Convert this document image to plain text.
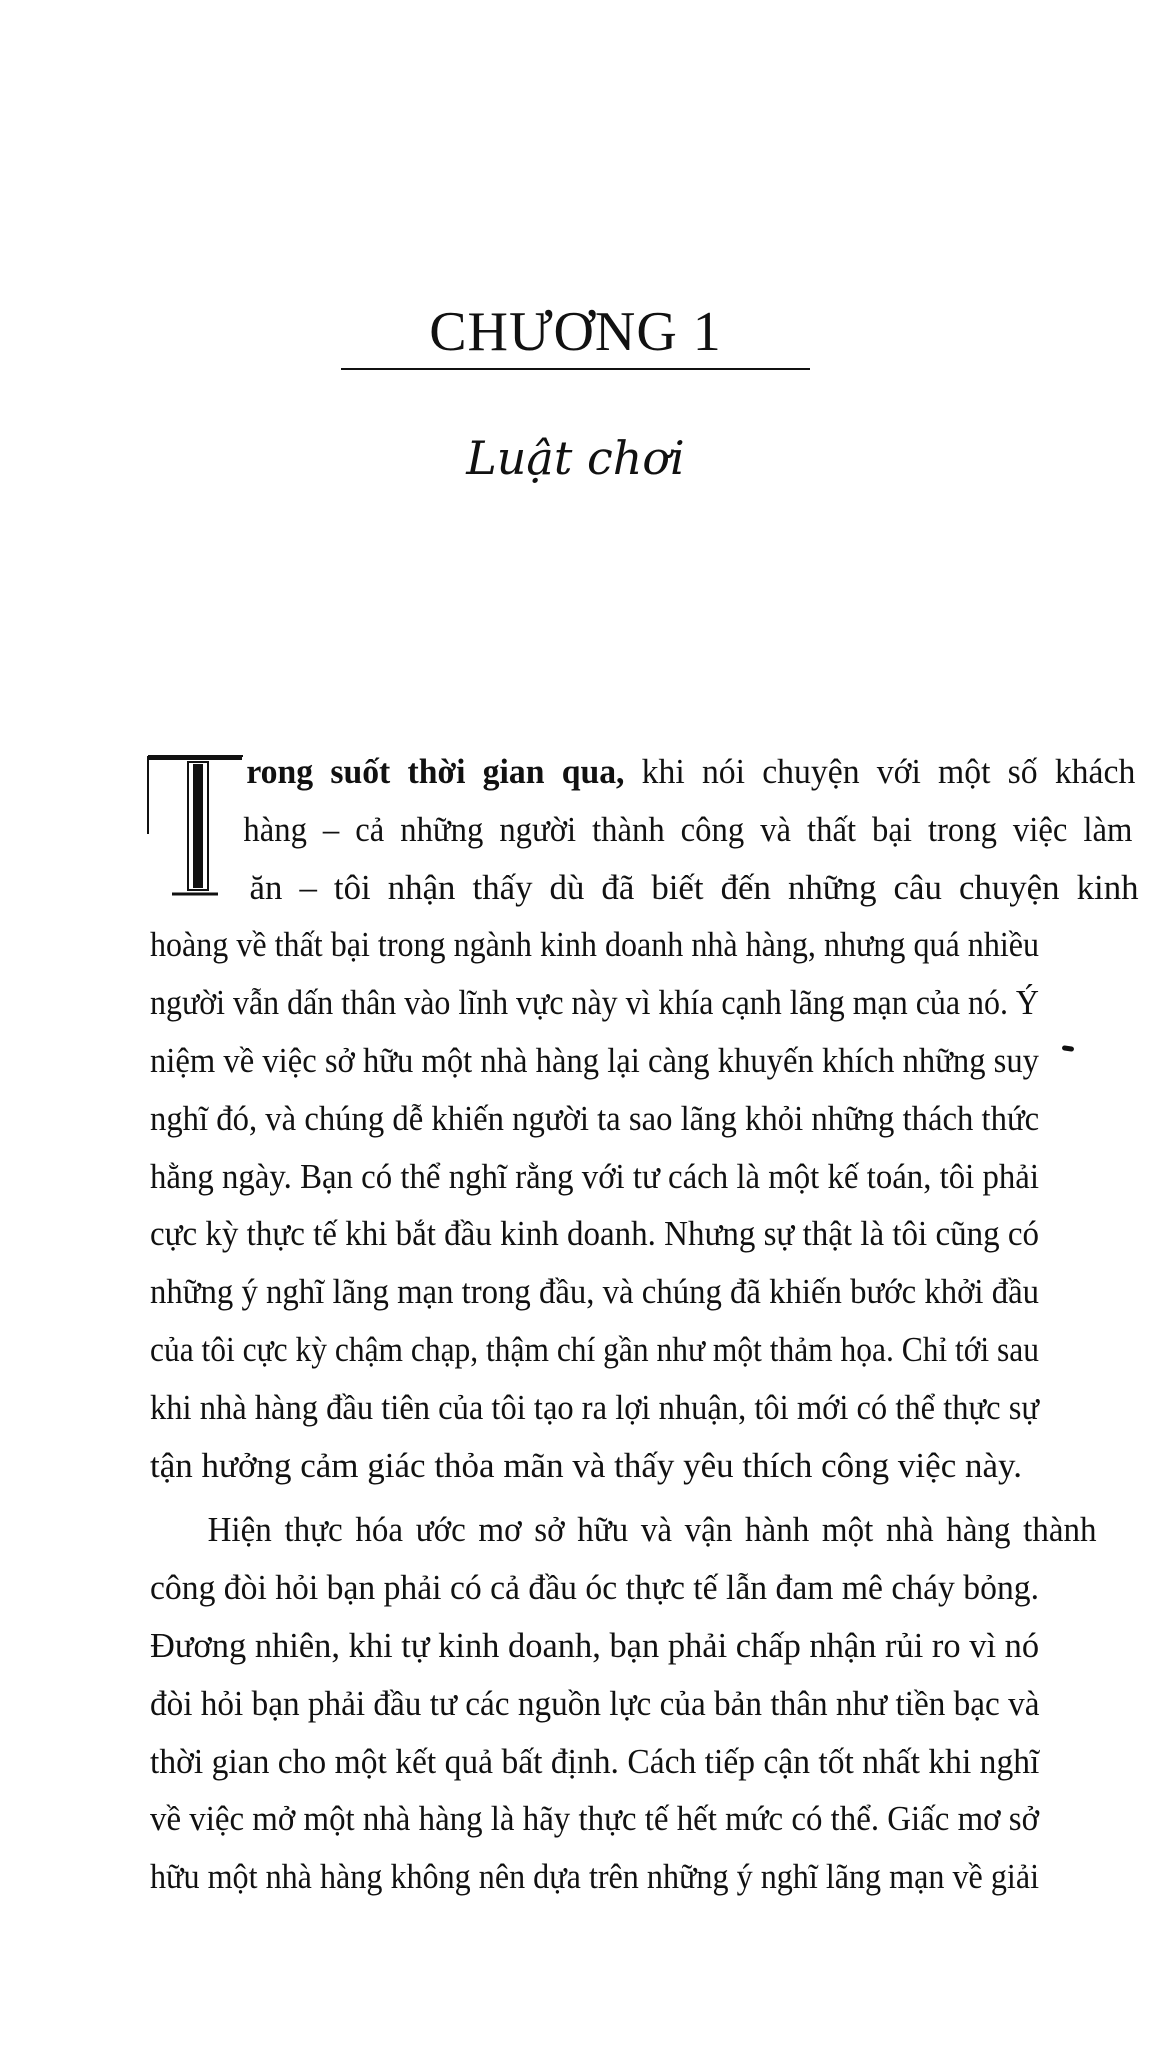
CHƯƠNG 1
Luật chơi
rong suốt thời gian qua, khi nói chuyện với một số khách
hàng – cả những người thành công và thất bại trong việc làm
ăn – tôi nhận thấy dù đã biết đến những câu chuyện kinh
hoàng về thất bại trong ngành kinh doanh nhà hàng, nhưng quá nhiều
người vẫn dấn thân vào lĩnh vực này vì khía cạnh lãng mạn của nó. Ý
niệm về việc sở hữu một nhà hàng lại càng khuyến khích những suy
nghĩ đó, và chúng dễ khiến người ta sao lãng khỏi những thách thức
hằng ngày. Bạn có thể nghĩ rằng với tư cách là một kế toán, tôi phải
cực kỳ thực tế khi bắt đầu kinh doanh. Nhưng sự thật là tôi cũng có
những ý nghĩ lãng mạn trong đầu, và chúng đã khiến bước khởi đầu
của tôi cực kỳ chậm chạp, thậm chí gần như một thảm họa. Chỉ tới sau
khi nhà hàng đầu tiên của tôi tạo ra lợi nhuận, tôi mới có thể thực sự
tận hưởng cảm giác thỏa mãn và thấy yêu thích công việc này.
Hiện thực hóa ước mơ sở hữu và vận hành một nhà hàng thành
công đòi hỏi bạn phải có cả đầu óc thực tế lẫn đam mê cháy bỏng.
Đương nhiên, khi tự kinh doanh, bạn phải chấp nhận rủi ro vì nó
đòi hỏi bạn phải đầu tư các nguồn lực của bản thân như tiền bạc và
thời gian cho một kết quả bất định. Cách tiếp cận tốt nhất khi nghĩ
về việc mở một nhà hàng là hãy thực tế hết mức có thể. Giấc mơ sở
hữu một nhà hàng không nên dựa trên những ý nghĩ lãng mạn về giải
